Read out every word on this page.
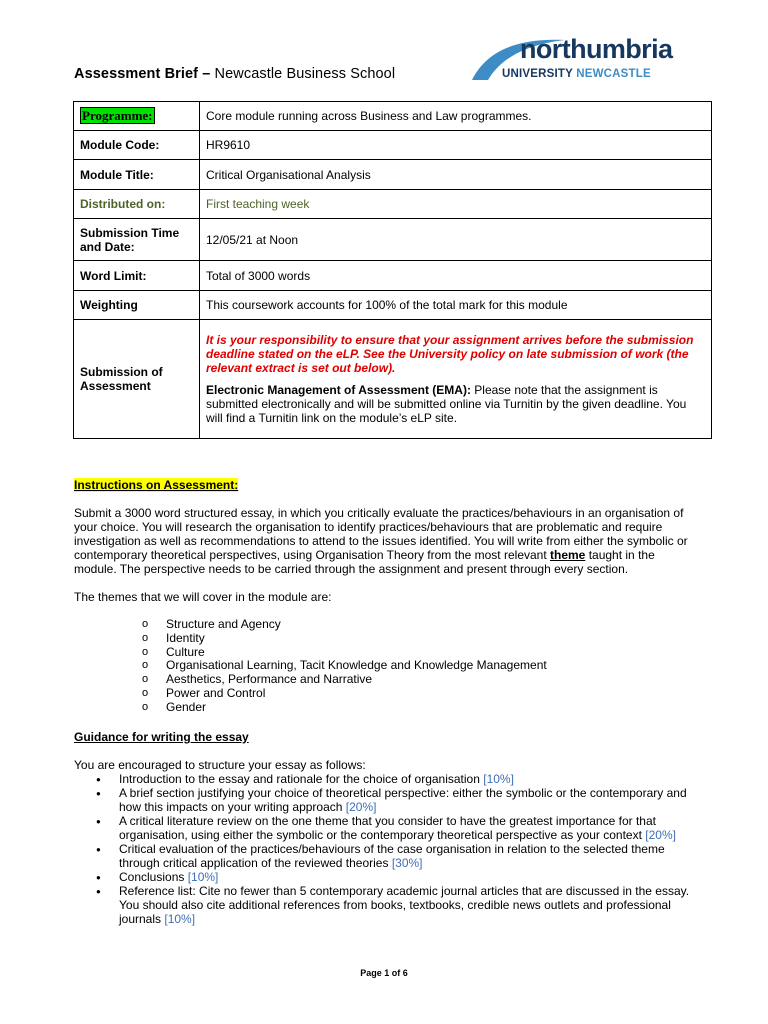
Assessment Brief – Newcastle Business School
northumbria
UNIVERSITY NEWCASTLE
Programme:	Core module running across Business and Law programmes.
Module Code:	HR9610
Module Title:	Critical Organisational Analysis
Distributed on:	First teaching week
Submission Time and Date:	12/05/21 at Noon
Word Limit:	Total of 3000 words
Weighting	This coursework accounts for 100% of the total mark for this module
Submission of Assessment	It is your responsibility to ensure that your assignment arrives before the submission deadline stated on the eLP. See the University policy on late submission of work (the relevant extract is set out below).
Electronic Management of Assessment (EMA): Please note that the assignment is submitted electronically and will be submitted online via Turnitin by the given deadline. You will find a Turnitin link on the module’s eLP site.
Instructions on Assessment:
Submit a 3000 word structured essay, in which you critically evaluate the practices/behaviours in an organisation of your choice. You will research the organisation to identify practices/behaviours that are problematic and require investigation as well as recommendations to attend to the issues identified. You will write from either the symbolic or contemporary theoretical perspectives, using Organisation Theory from the most relevant theme taught in the module. The perspective needs to be carried through the assignment and present through every section.
The themes that we will cover in the module are:
o Structure and Agency
o Identity
o Culture
o Organisational Learning, Tacit Knowledge and Knowledge Management
o Aesthetics, Performance and Narrative
o Power and Control
o Gender
Guidance for writing the essay
You are encouraged to structure your essay as follows:
● Introduction to the essay and rationale for the choice of organisation [10%]
● A brief section justifying your choice of theoretical perspective: either the symbolic or the contemporary and how this impacts on your writing approach [20%]
● A critical literature review on the one theme that you consider to have the greatest importance for that organisation, using either the symbolic or the contemporary theoretical perspective as your context [20%]
● Critical evaluation of the practices/behaviours of the case organisation in relation to the selected theme through critical application of the reviewed theories [30%]
● Conclusions [10%]
● Reference list: Cite no fewer than 5 contemporary academic journal articles that are discussed in the essay. You should also cite additional references from books, textbooks, credible news outlets and professional journals [10%]
Page 1 of 6
